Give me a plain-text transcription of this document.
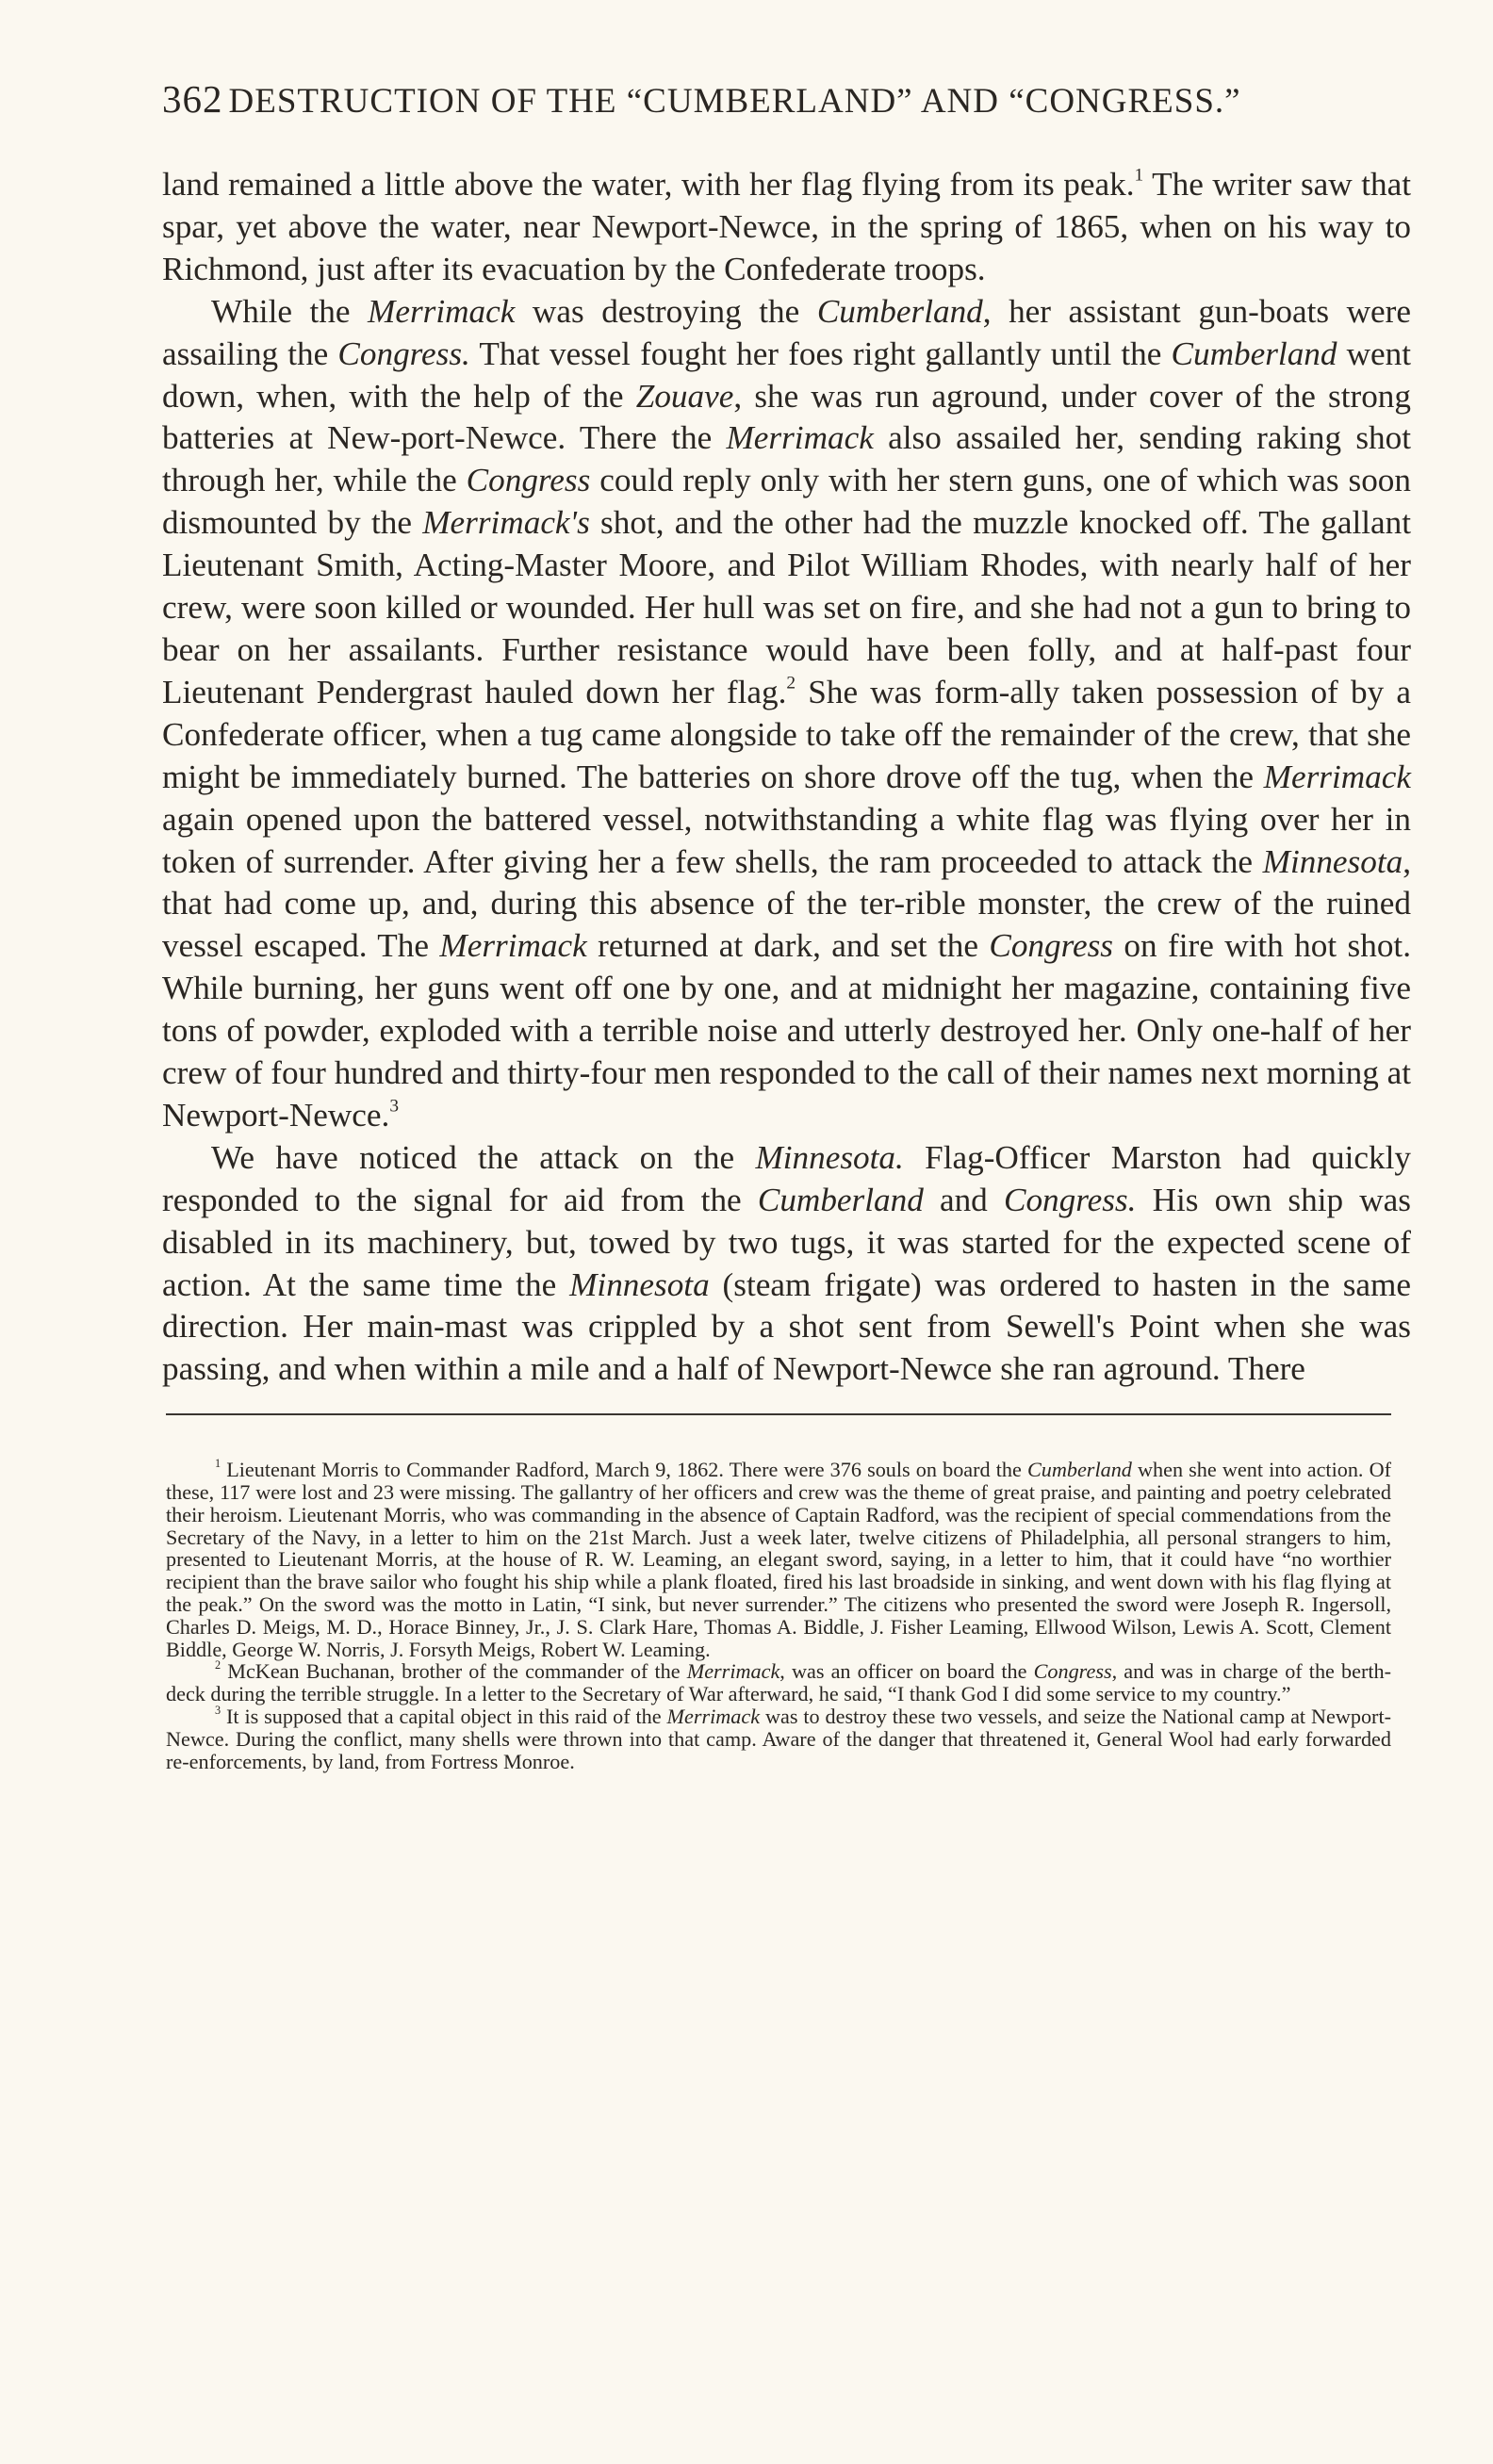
362 DESTRUCTION OF THE “CUMBERLAND” AND “CONGRESS.”

land remained a little above the water, with her flag flying from its peak.$^1$ The writer saw that spar, yet above the water, near Newport-Newce, in the spring of 1865, when on his way to Richmond, just after its evacuation by the Confederate troops.

While the Merrimack was destroying the Cumberland, her assistant gun-boats were assailing the Congress. That vessel fought her foes right gallantly until the Cumberland went down, when, with the help of the Zouave, she was run aground, under cover of the strong batteries at New-port-Newce. There the Merrimack also assailed her, sending raking shot through her, while the Congress could reply only with her stern guns, one of which was soon dismounted by the Merrimack's shot, and the other had the muzzle knocked off. The gallant Lieutenant Smith, Acting-Master Moore, and Pilot William Rhodes, with nearly half of her crew, were soon killed or wounded. Her hull was set on fire, and she had not a gun to bring to bear on her assailants. Further resistance would have been folly, and at half-past four Lieutenant Pendergrast hauled down her flag.$^2$ She was form-ally taken possession of by a Confederate officer, when a tug came alongside to take off the remainder of the crew, that she might be immediately burned. The batteries on shore drove off the tug, when the Merrimack again opened upon the battered vessel, notwithstanding a white flag was flying over her in token of surrender. After giving her a few shells, the ram proceeded to attack the Minnesota, that had come up, and, during this absence of the ter-rible monster, the crew of the ruined vessel escaped. The Merrimack returned at dark, and set the Congress on fire with hot shot. While burning, her guns went off one by one, and at midnight her magazine, containing five tons of powder, exploded with a terrible noise and utterly destroyed her. Only one-half of her crew of four hundred and thirty-four men responded to the call of their names next morning at Newport-Newce.$^3$

We have noticed the attack on the Minnesota. Flag-Officer Marston had quickly responded to the signal for aid from the Cumberland and Congress. His own ship was disabled in its machinery, but, towed by two tugs, it was started for the expected scene of action. At the same time the Minnesota (steam frigate) was ordered to hasten in the same direction. Her main-mast was crippled by a shot sent from Sewell's Point when she was passing, and when within a mile and a half of Newport-Newce she ran aground. There

$^1$ Lieutenant Morris to Commander Radford, March 9, 1862. There were 376 souls on board the Cumberland when she went into action. Of these, 117 were lost and 23 were missing. The gallantry of her officers and crew was the theme of great praise, and painting and poetry celebrated their heroism. Lieutenant Morris, who was commanding in the absence of Captain Radford, was the recipient of special commendations from the Secretary of the Navy, in a letter to him on the 21st March. Just a week later, twelve citizens of Philadelphia, all personal strangers to him, presented to Lieutenant Morris, at the house of R. W. Leaming, an elegant sword, saying, in a letter to him, that it could have “no worthier recipient than the brave sailor who fought his ship while a plank floated, fired his last broadside in sinking, and went down with his flag flying at the peak.” On the sword was the motto in Latin, “I sink, but never surrender.” The citizens who presented the sword were Joseph R. Ingersoll, Charles D. Meigs, M. D., Horace Binney, Jr., J. S. Clark Hare, Thomas A. Biddle, J. Fisher Leaming, Ellwood Wilson, Lewis A. Scott, Clement Biddle, George W. Norris, J. Forsyth Meigs, Robert W. Leaming.

$^2$ McKean Buchanan, brother of the commander of the Merrimack, was an officer on board the Congress, and was in charge of the berth-deck during the terrible struggle. In a letter to the Secretary of War afterward, he said, “I thank God I did some service to my country.”

$^3$ It is supposed that a capital object in this raid of the Merrimack was to destroy these two vessels, and seize the National camp at Newport-Newce. During the conflict, many shells were thrown into that camp. Aware of the danger that threatened it, General Wool had early forwarded re-enforcements, by land, from Fortress Monroe.
